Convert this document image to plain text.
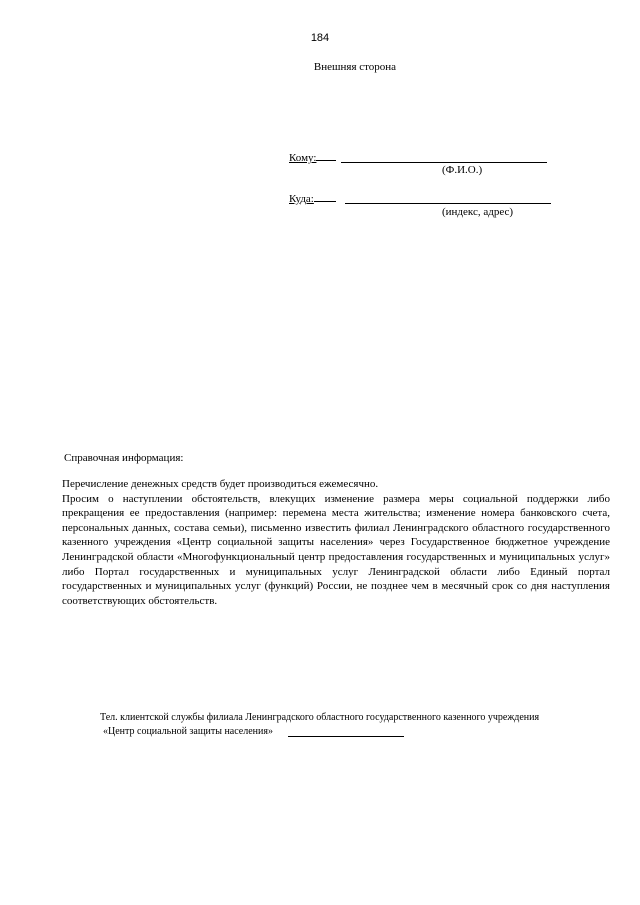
184
Внешняя сторона
Кому:
(Ф.И.О.)
Куда:
(индекс, адрес)
Справочная информация:

Перечисление денежных средств будет производиться ежемесячно.

Просим о наступлении обстоятельств, влекущих изменение размера меры социальной поддержки либо прекращения ее предоставления (например: перемена места жительства; изменение номера банковского счета, персональных данных, состава семьи), письменно известить филиал Ленинградского областного государственного казенного учреждения «Центр социальной защиты населения» через Государственное бюджетное учреждение Ленинградской области «Многофункциональный центр предоставления государственных и муниципальных услуг» либо Портал государственных и муниципальных услуг Ленинградской области либо Единый портал государственных и муниципальных услуг (функций) России, не позднее чем в месячный срок со дня наступления соответствующих обстоятельств.

Тел. клиентской службы филиала Ленинградского областного государственного казенного учреждения
«Центр социальной защиты населения»
